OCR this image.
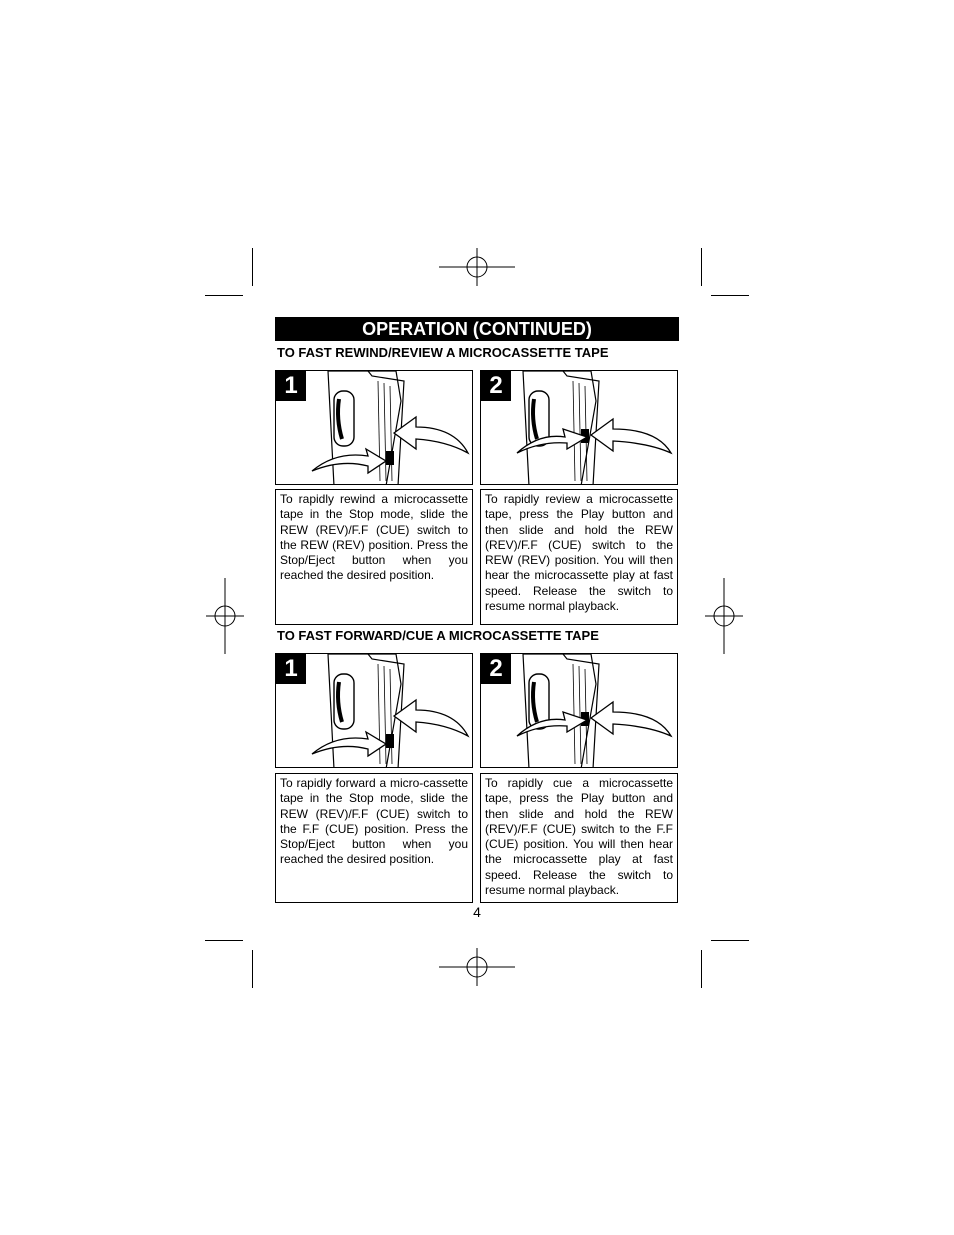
OPERATION (CONTINUED)
TO FAST REWIND/REVIEW A MICROCASSETTE TAPE
1	2
To rapidly rewind a microcassette tape in the Stop mode, slide the REW (REV)/F.F (CUE) switch to the REW (REV) position. Press the Stop/Eject button when you reached the desired position.
To rapidly review a microcassette tape, press the Play button and then slide and hold the REW (REV)/F.F (CUE) switch to the REW (REV) position. You will then hear the microcassette play at fast speed. Release the switch to resume normal playback.
TO FAST FORWARD/CUE A MICROCASSETTE TAPE
1	2
To rapidly forward a micro-cassette tape in the Stop mode, slide the REW (REV)/F.F (CUE) switch to the F.F (CUE) position. Press the Stop/Eject button when you reached the desired position.
To rapidly cue a microcassette tape, press the Play button and then slide and hold the REW (REV)/F.F (CUE) switch to the F.F (CUE) position. You will then hear the microcassette play at fast speed. Release the switch to resume normal playback.
4
